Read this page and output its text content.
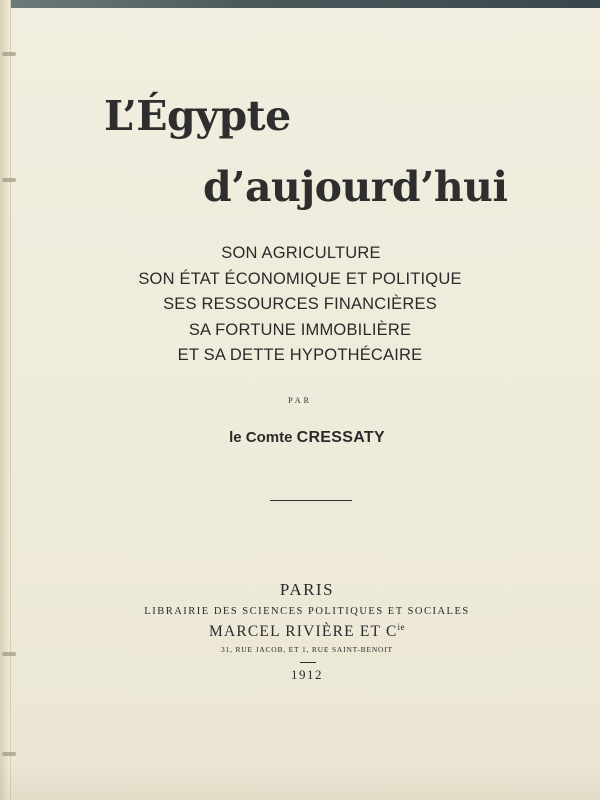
L’Égypte
d’aujourd’hui
SON AGRICULTURE
SON ÉTAT ÉCONOMIQUE ET POLITIQUE
SES RESSOURCES FINANCIÈRES
SA FORTUNE IMMOBILIÈRE
ET SA DETTE HYPOTHÉCAIRE
PAR
le Comte CRESSATY
PARIS
LIBRAIRIE DES SCIENCES POLITIQUES ET SOCIALES
MARCEL RIVIÈRE ET $C^{ie}$
31, RUE JACOB, ET 1, RUE SAINT-BENOIT
1912
